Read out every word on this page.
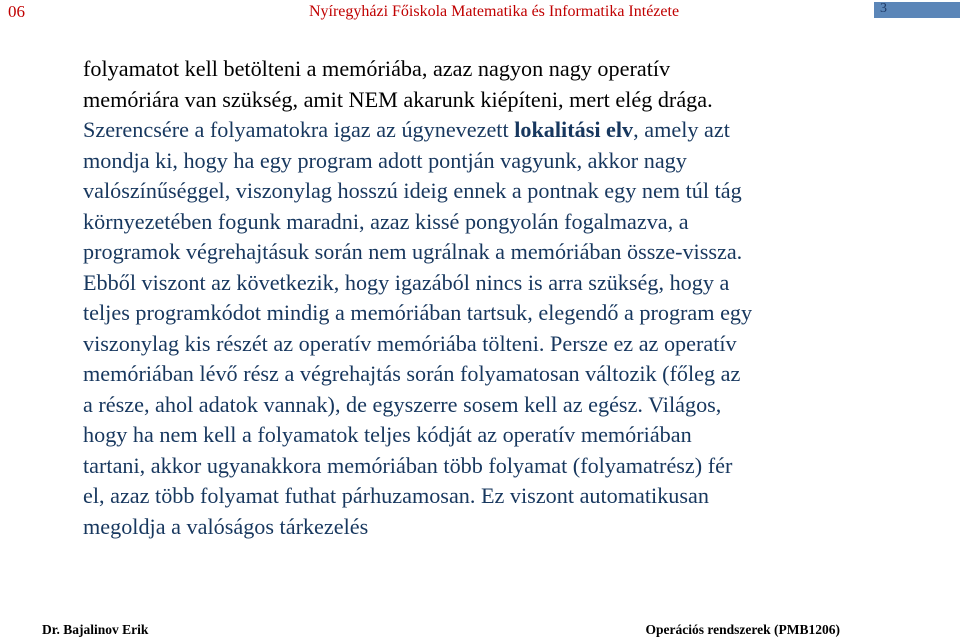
06	Nyíregyházi Főiskola Matematika és Informatika Intézete	3
folyamatot kell betölteni a memóriába, azaz nagyon nagy operatív
memóriára van szükség, amit NEM akarunk kiépíteni, mert elég drága.
Szerencsére a folyamatokra igaz az úgynevezett lokalitási elv, amely azt
mondja ki, hogy ha egy program adott pontján vagyunk, akkor nagy
valószínűséggel, viszonylag hosszú ideig ennek a pontnak egy nem túl tág
környezetében fogunk maradni, azaz kissé pongyolán fogalmazva, a
programok végrehajtásuk során nem ugrálnak a memóriában össze-vissza.
Ebből viszont az következik, hogy igazából nincs is arra szükség, hogy a
teljes programkódot mindig a memóriában tartsuk, elegendő a program egy
viszonylag kis részét az operatív memóriába tölteni. Persze ez az operatív
memóriában lévő rész a végrehajtás során folyamatosan változik (főleg az
a része, ahol adatok vannak), de egyszerre sosem kell az egész. Világos,
hogy ha nem kell a folyamatok teljes kódját az operatív memóriában
tartani, akkor ugyanakkora memóriában több folyamat (folyamatrész) fér
el, azaz több folyamat futhat párhuzamosan. Ez viszont automatikusan
megoldja a valóságos tárkezelés
Dr. Bajalinov Erik	Operációs rendszerek (PMB1206)
